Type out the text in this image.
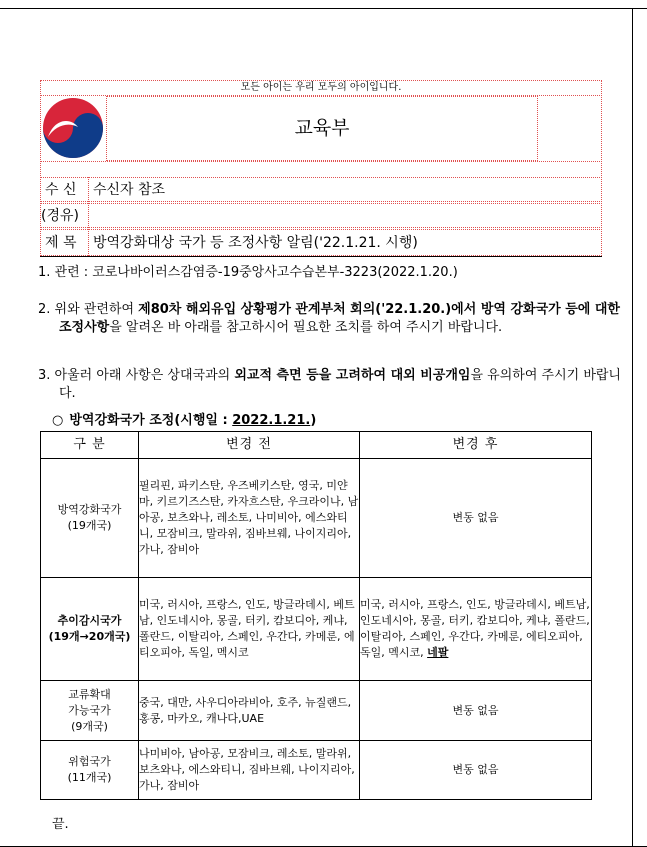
모든 아이는 우리 모두의 아이입니다.
교육부
수 신 수신자 참조
(경유)
제 목 방역강화대상 국가 등 조정사항 알림('22.1.21. 시행)
1. 관련 : 코로나바이러스감염증-19중앙사고수습본부-3223(2022.1.20.)
2. 위와 관련하여 제80차 해외유입 상황평가 관계부처 회의('22.1.20.)에서 방역 강화국가 등에 대한 조정사항을 알려온 바 아래를 참고하시어 필요한 조치를 하여 주시기 바랍니다.
3. 아울러 아래 사항은 상대국과의 외교적 측면 등을 고려하여 대외 비공개임을 유의하여 주시기 바랍니다.
○ 방역강화국가 조정(시행일 : 2022.1.21.)
구 분	변경 전	변경 후

방역강화국가
(19개국)	필리핀, 파키스탄, 우즈베키스탄, 영국, 미얀마, 키르기즈스탄, 카자흐스탄, 우크라이나, 남아공, 보츠와나, 레소토, 나미비아, 에스와티니, 모잠비크, 말라위, 짐바브웨, 나이지리아, 가나, 잠비아	변동 없음

추이감시국가
(19개→20개국)	미국, 러시아, 프랑스, 인도, 방글라데시, 베트남, 인도네시아, 몽골, 터키, 캄보디아, 케냐, 폴란드, 이탈리아, 스페인, 우간다, 카메룬, 에티오피아, 독일, 멕시코	미국, 러시아, 프랑스, 인도, 방글라데시, 베트남, 인도네시아, 몽골, 터키, 캄보디아, 케냐, 폴란드, 이탈리아, 스페인, 우간다, 카메룬, 에티오피아, 독일, 멕시코, 네팔

교류확대 가능국가
(9개국)	중국, 대만, 사우디아라비아, 호주, 뉴질랜드, 홍콩, 마카오, 캐나다,UAE	변동 없음

위험국가
(11개국)	나미비아, 남아공, 모잠비크, 레소토, 말라위, 보츠와나, 에스와티니, 짐바브웨, 나이지리아, 가나, 잠비아	변동 없음
끝.
